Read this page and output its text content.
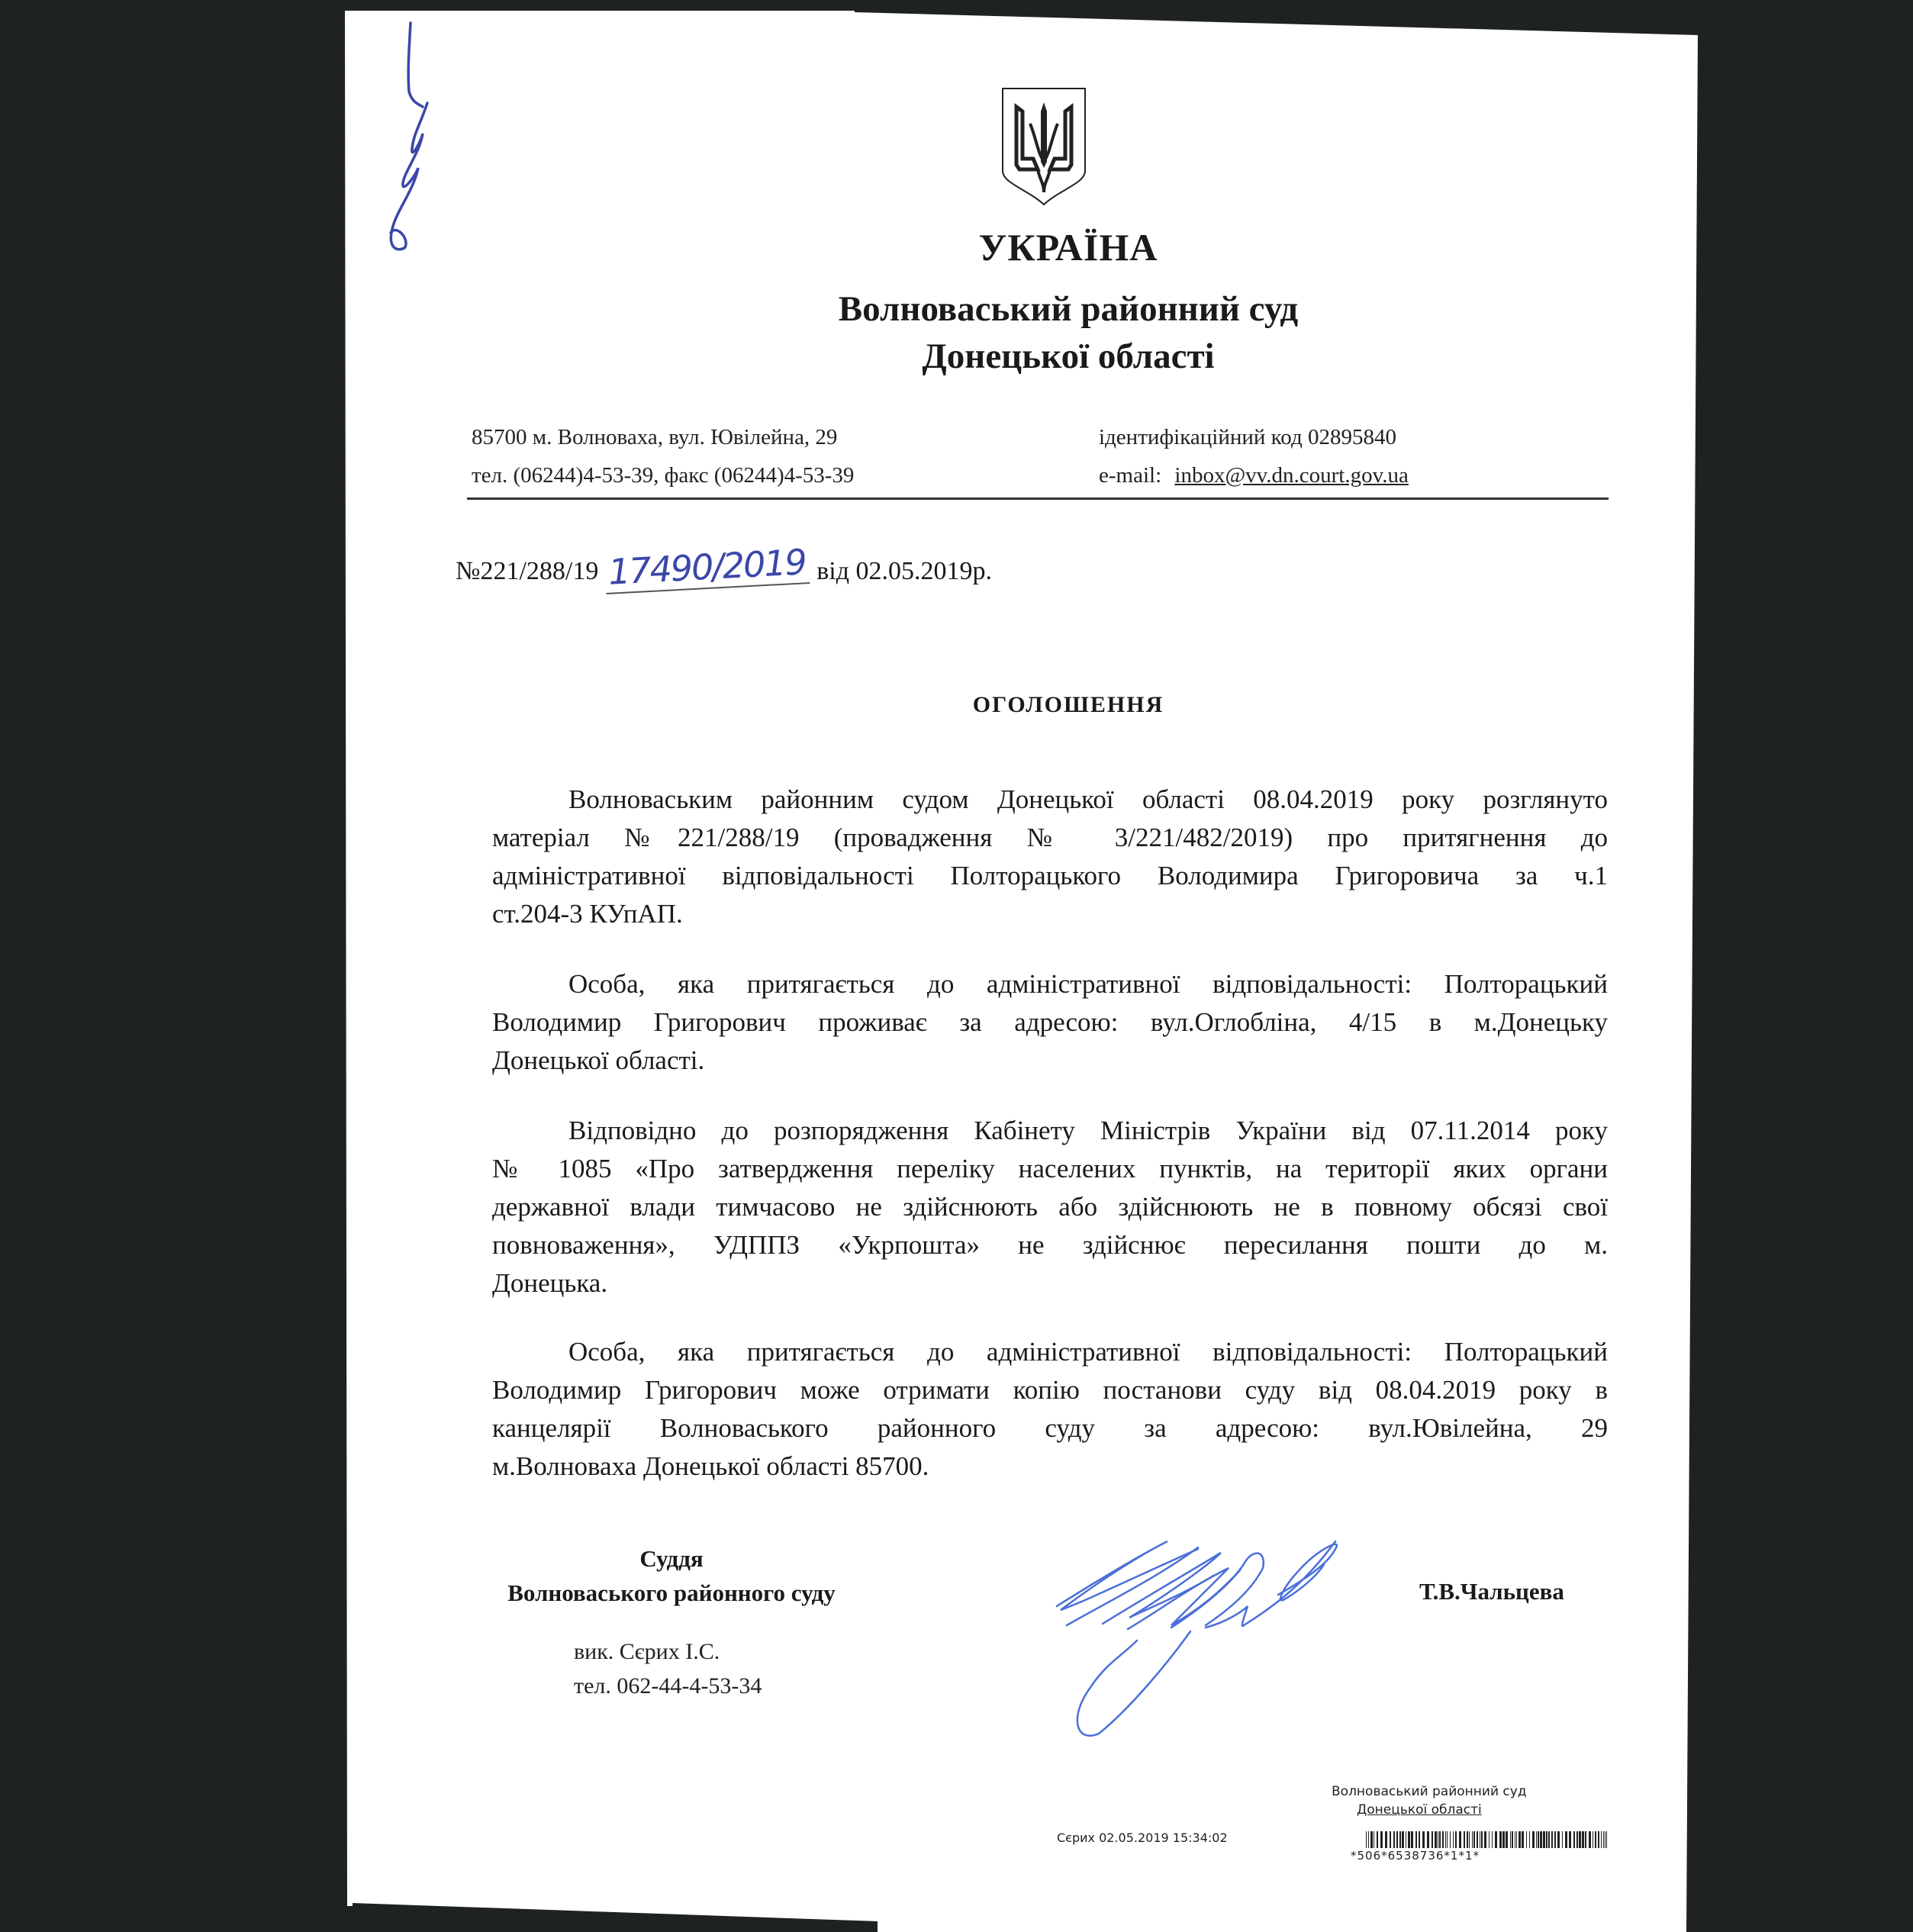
УКРАЇНА
Волноваський районний суд
Донецької області
85700 м. Волноваха, вул. Ювілейна, 29
тел. (06244)4-53-39, факс (06244)4-53-39
ідентифікаційний код 02895840
e-mail: inbox@vv.dn.court.gov.ua
№221/288/19 17490/2019 від 02.05.2019р.
ОГОЛОШЕННЯ
Волноваським районним судом Донецької області 08.04.2019 року розглянуто
матеріал №221/288/19 (провадження № 3/221/482/2019) про притягнення до
адміністративної відповідальності Полторацького Володимира Григоровича за ч.1
ст.204-3 КУпАП.
Особа, яка притягається до адміністративної відповідальності: Полторацький
Володимир Григорович проживає за адресою: вул.Оглобліна, 4/15 в м.Донецьку
Донецької області.
Відповідно до розпорядження Кабінету Міністрів України від 07.11.2014 року
№ 1085 «Про затвердження переліку населених пунктів, на території яких органи
державної влади тимчасово не здійснюють або здійснюють не в повному обсязі свої
повноваження», УДППЗ «Укрпошта» не здійснює пересилання пошти до м.
Донецька.
Особа, яка притягається до адміністративної відповідальності: Полторацький
Володимир Григорович може отримати копію постанови суду від 08.04.2019 року в
канцелярії Волноваського районного суду за адресою: вул.Ювілейна, 29
м.Волноваха Донецької області 85700.
Суддя
Волноваського районного суду
вик. Сєрих І.С.
тел. 062-44-4-53-34
Т.В.Чальцева
Волноваський районний суд
Донецької області
Сєрих 02.05.2019 15:34:02
*506*6538736*1*1*
